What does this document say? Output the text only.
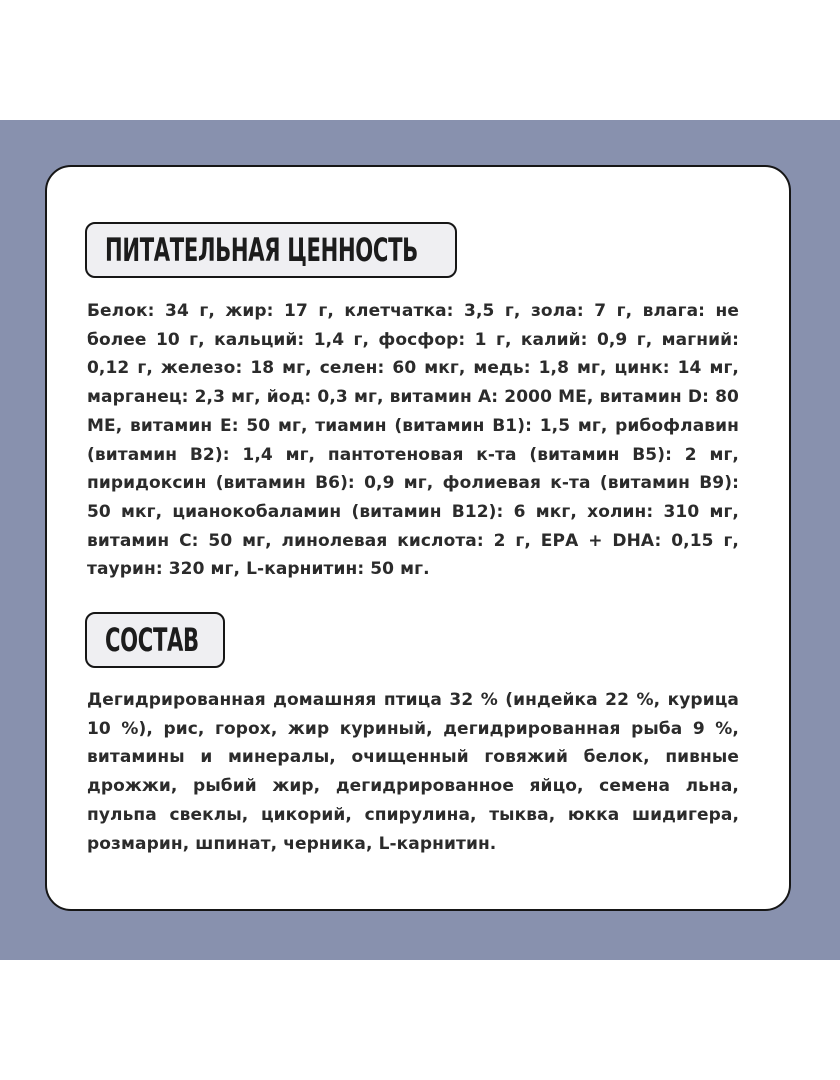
ПИТАТЕЛЬНАЯ ЦЕННОСТЬ
Белок: 34 г, жир: 17 г, клетчатка: 3,5 г, зола: 7 г, влага: не более 10 г, кальций: 1,4 г, фосфор: 1 г, калий: 0,9 г, магний: 0,12 г, железо: 18 мг, селен: 60 мкг, медь: 1,8 мг, цинк: 14 мг, марганец: 2,3 мг, йод: 0,3 мг, витамин А: 2000 МЕ, витамин D: 80 МЕ, витамин Е: 50 мг, тиамин (витамин В1): 1,5 мг, рибофлавин (витамин В2): 1,4 мг, пантотеновая к-та (витамин В5): 2 мг, пиридоксин (витамин В6): 0,9 мг, фолиевая к-та (витамин В9): 50 мкг, цианокобаламин (витамин В12): 6 мкг, холин: 310 мг, витамин С: 50 мг, линолевая кислота: 2 г, ЕРА + DHA: 0,15 г, таурин: 320 мг, L-карнитин: 50 мг.
СОСТАВ
Дегидрированная домашняя птица 32 % (индейка 22 %, курица 10 %), рис, горох, жир куриный, дегидрированная рыба 9 %, витамины и минералы, очищенный говяжий белок, пивные дрожжи, рыбий жир, дегидрированное яйцо, семена льна, пульпа свеклы, цикорий, спирулина, тыква, юкка шидигера, розмарин, шпинат, черника, L-карнитин.
